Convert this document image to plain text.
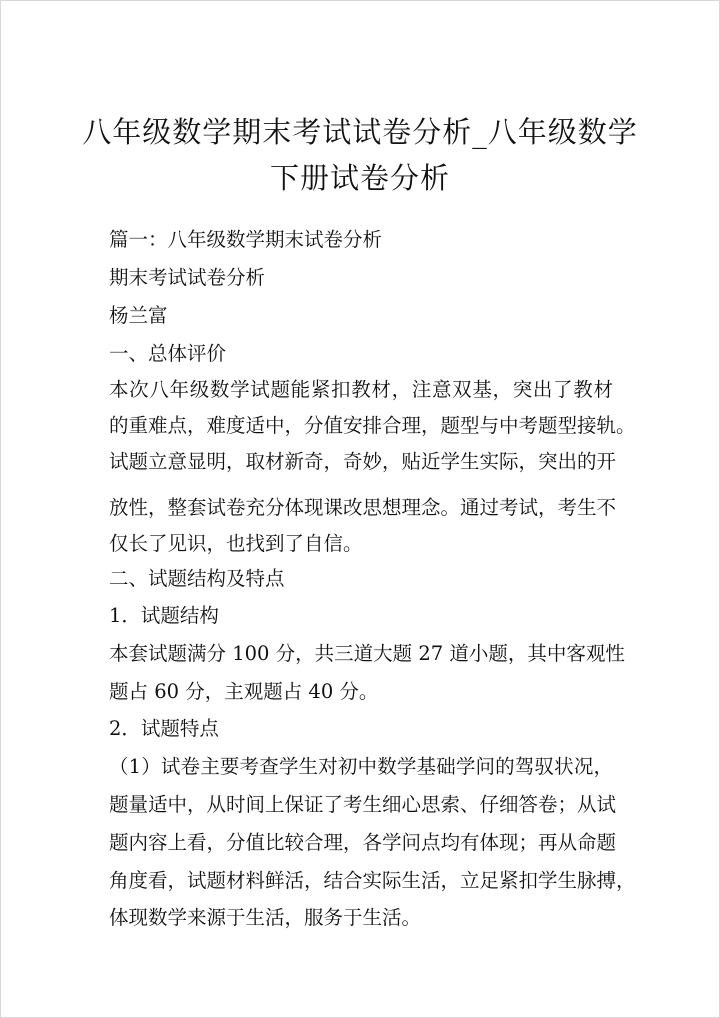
八年级数学期末考试试卷分析_八年级数学
下册试卷分析
篇一：八年级数学期末试卷分析
期末考试试卷分析
杨兰富
一、总体评价
本次八年级数学试题能紧扣教材，注意双基，突出了教材
的重难点，难度适中，分值安排合理，题型与中考题型接轨。
试题立意显明，取材新奇，奇妙，贴近学生实际，突出的开
放性，整套试卷充分体现课改思想理念。通过考试，考生不
仅长了见识，也找到了自信。
二、试题结构及特点
1．试题结构
本套试题满分 100 分，共三道大题 27 道小题，其中客观性
题占 60 分，主观题占 40 分。
2．试题特点
（1）试卷主要考查学生对初中数学基础学问的驾驭状况，
题量适中，从时间上保证了考生细心思索、仔细答卷；从试
题内容上看，分值比较合理，各学问点均有体现；再从命题
角度看，试题材料鲜活，结合实际生活，立足紧扣学生脉搏，
体现数学来源于生活，服务于生活。
